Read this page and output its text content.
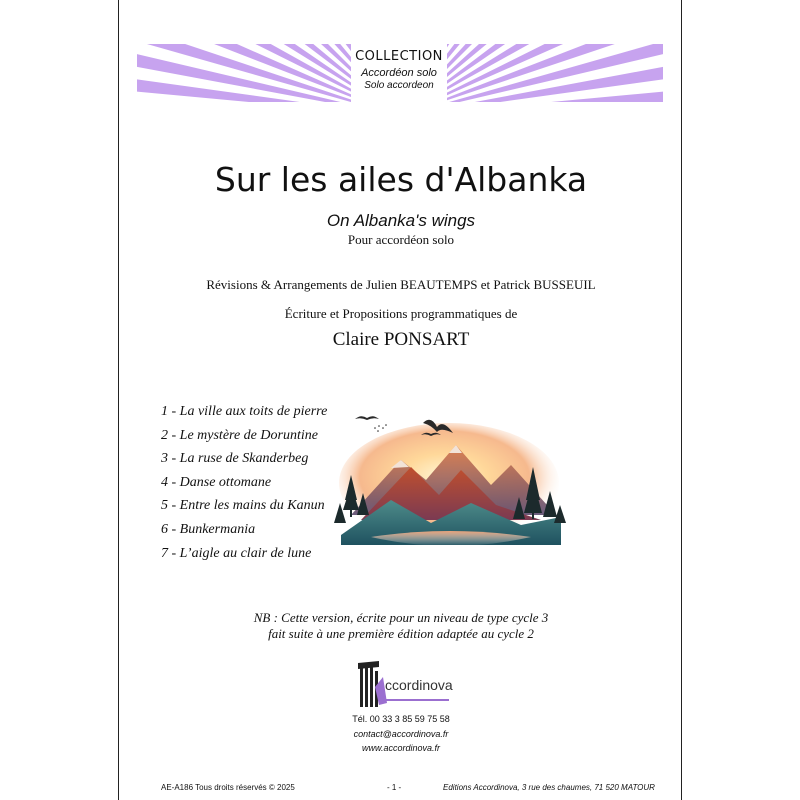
COLLECTION
Accordéon solo
Solo accordeon
Sur les ailes d'Albanka
On Albanka's wings
Pour accordéon solo
Révisions & Arrangements de Julien BEAUTEMPS et Patrick BUSSEUIL
Écriture et Propositions programmatiques de
Claire PONSART
1 - La ville aux toits de pierre
2 - Le mystère de Doruntine
3 - La ruse de Skanderbeg
4 - Danse ottomane
5 - Entre les mains du Kanun
6 - Bunkermania
7 - L’aigle au clair de lune
NB : Cette version, écrite pour un niveau de type cycle 3
fait suite à une première édition adaptée au cycle 2
ccordinova
Tél. 00 33 3 85 59 75 58
contact@accordinova.fr
www.accordinova.fr
AE-A186 Tous droits réservés © 2025	- 1 -	Editions Accordinova, 3 rue des chaumes, 71 520 MATOUR
